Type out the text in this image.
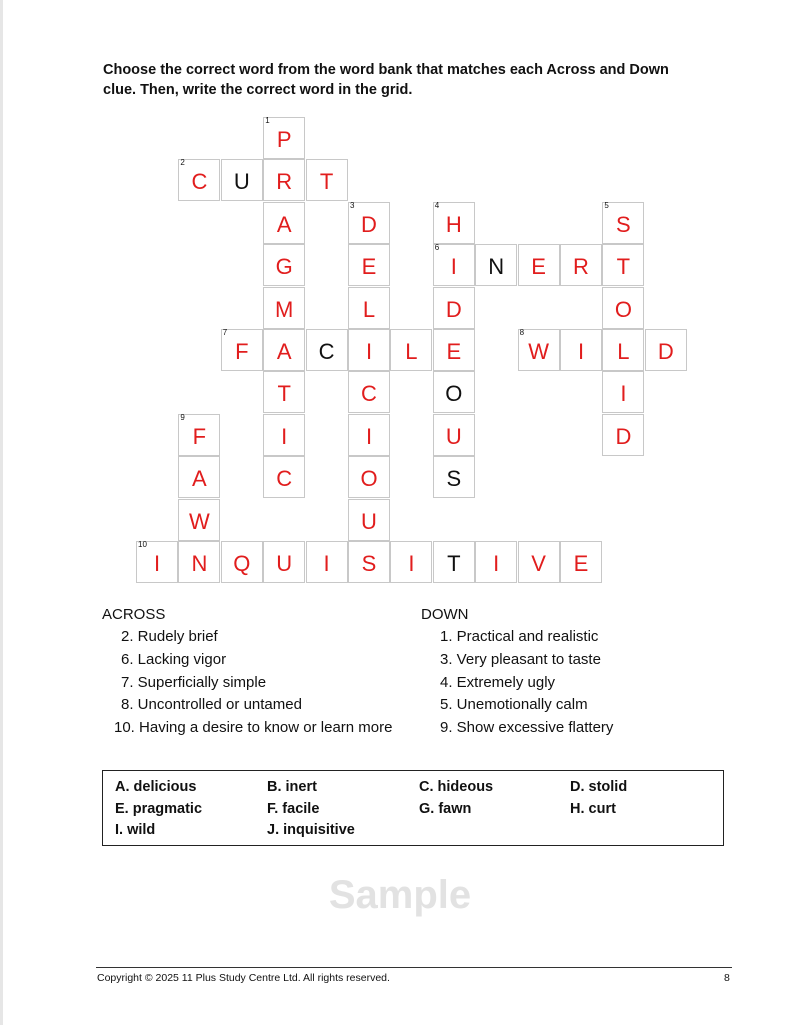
Choose the correct word from the word bank that matches each Across and Down clue. Then, write the correct word in the grid.
1
P
2
C	U	R	T
A
3
D
4
H
5
S
G	E
6
I	N	E	R	T
M	L	D	O
7
F	A	C	I	L	E
8
W	I	L	D
T	C	O	I
9
F	I	I	U	D
A	C	O	S
W	U
10
I	N	Q	U	I	S	I	T	I	V	E
ACROSS
2. Rudely brief
6. Lacking vigor
7. Superficially simple
8. Uncontrolled or untamed
10. Having a desire to know or learn more
DOWN
1. Practical and realistic
3. Very pleasant to taste
4. Extremely ugly
5. Unemotionally calm
9. Show excessive flattery
A. delicious	B. inert	C. hideous	D. stolid
E. pragmatic	F. facile	G. fawn	H. curt
I. wild	J. inquisitive
Sample
Copyright © 2025 11 Plus Study Centre Ltd. All rights reserved.	8
